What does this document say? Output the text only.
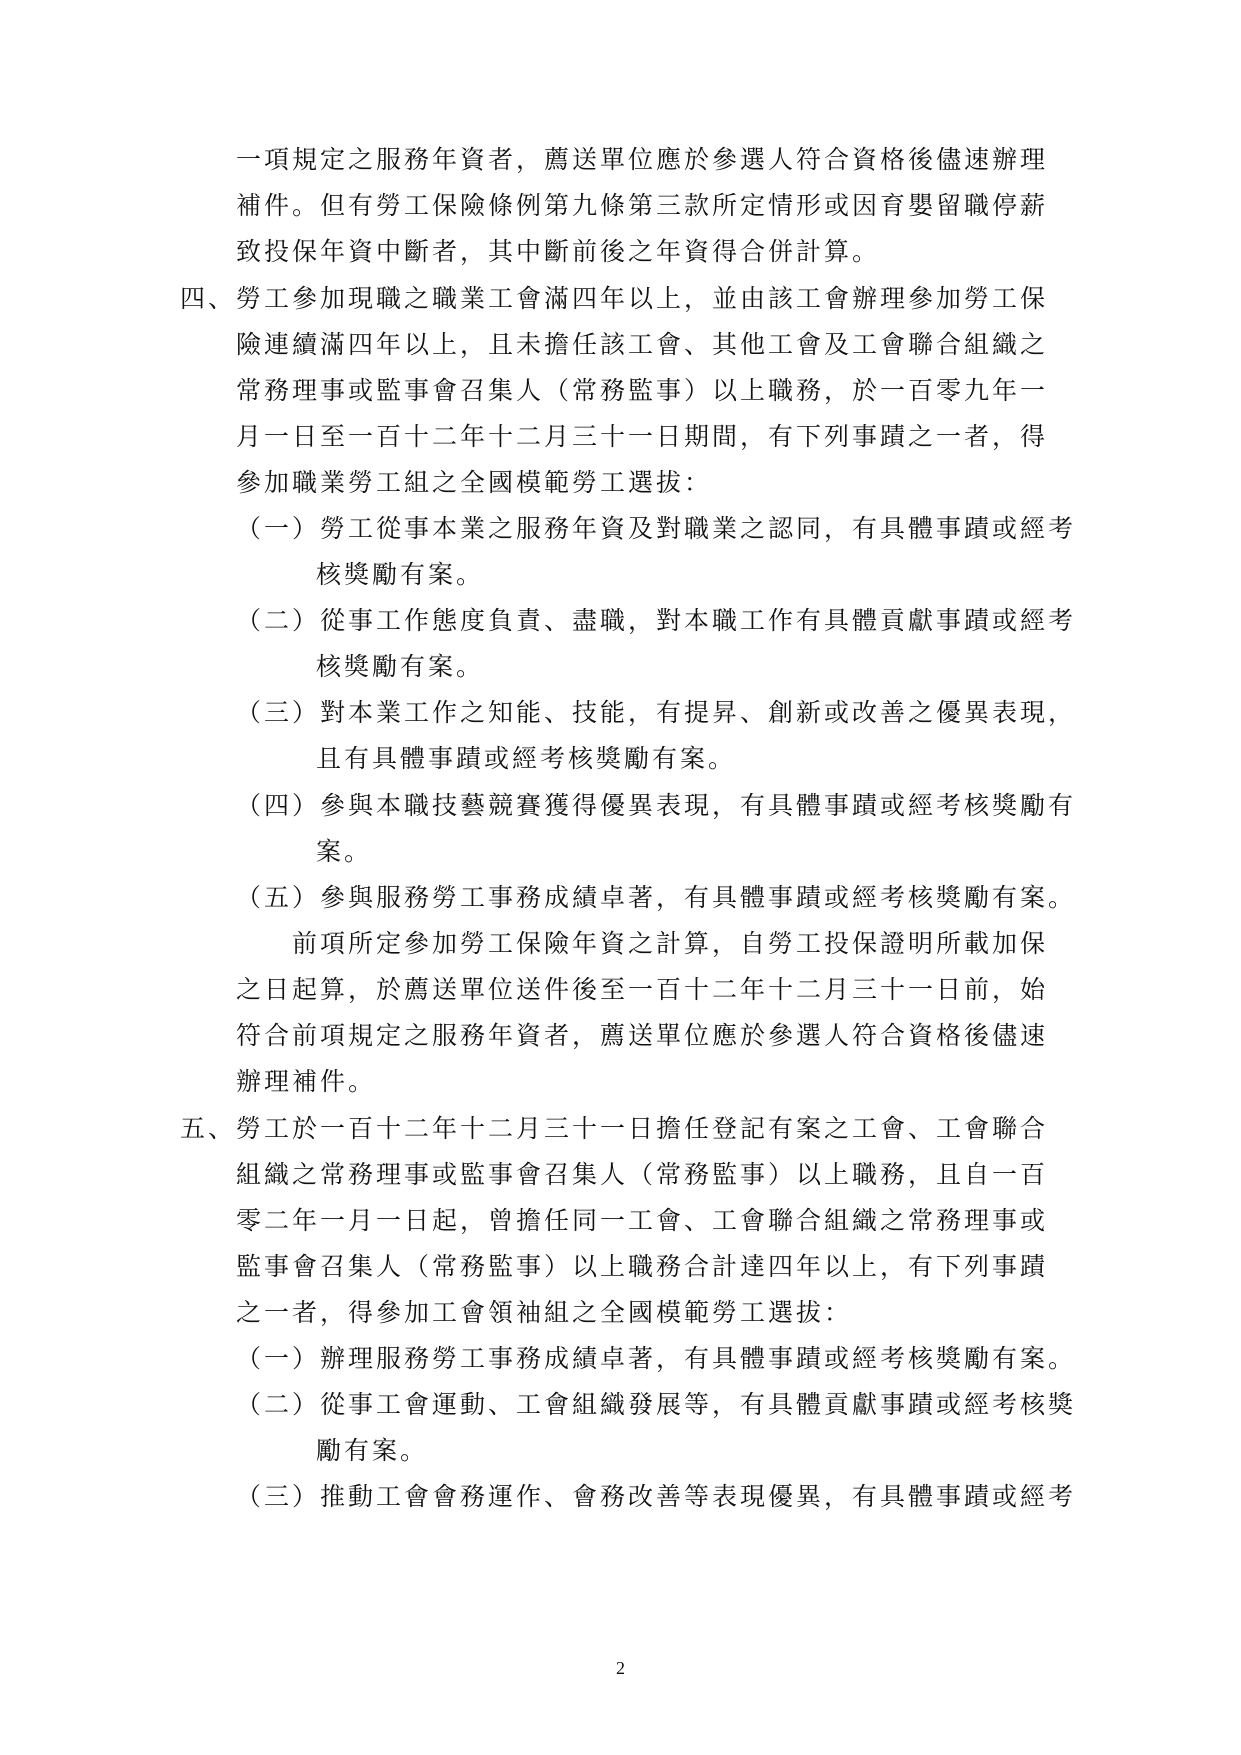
一項規定之服務年資者，薦送單位應於參選人符合資格後儘速辦理
補件。但有勞工保險條例第九條第三款所定情形或因育嬰留職停薪
致投保年資中斷者，其中斷前後之年資得合併計算。
四、勞工參加現職之職業工會滿四年以上，並由該工會辦理參加勞工保
險連續滿四年以上，且未擔任該工會、其他工會及工會聯合組織之
常務理事或監事會召集人（常務監事）以上職務，於一百零九年一
月一日至一百十二年十二月三十一日期間，有下列事蹟之一者，得
參加職業勞工組之全國模範勞工選拔：
（一）勞工從事本業之服務年資及對職業之認同，有具體事蹟或經考
核獎勵有案。
（二）從事工作態度負責、盡職，對本職工作有具體貢獻事蹟或經考
核獎勵有案。
（三）對本業工作之知能、技能，有提昇、創新或改善之優異表現，
且有具體事蹟或經考核獎勵有案。
（四）參與本職技藝競賽獲得優異表現，有具體事蹟或經考核獎勵有
案。
（五）參與服務勞工事務成績卓著，有具體事蹟或經考核獎勵有案。
前項所定參加勞工保險年資之計算，自勞工投保證明所載加保
之日起算，於薦送單位送件後至一百十二年十二月三十一日前，始
符合前項規定之服務年資者，薦送單位應於參選人符合資格後儘速
辦理補件。
五、勞工於一百十二年十二月三十一日擔任登記有案之工會、工會聯合
組織之常務理事或監事會召集人（常務監事）以上職務，且自一百
零二年一月一日起，曾擔任同一工會、工會聯合組織之常務理事或
監事會召集人（常務監事）以上職務合計達四年以上，有下列事蹟
之一者，得參加工會領袖組之全國模範勞工選拔：
（一）辦理服務勞工事務成績卓著，有具體事蹟或經考核獎勵有案。
（二）從事工會運動、工會組織發展等，有具體貢獻事蹟或經考核獎
勵有案。
（三）推動工會會務運作、會務改善等表現優異，有具體事蹟或經考
2
